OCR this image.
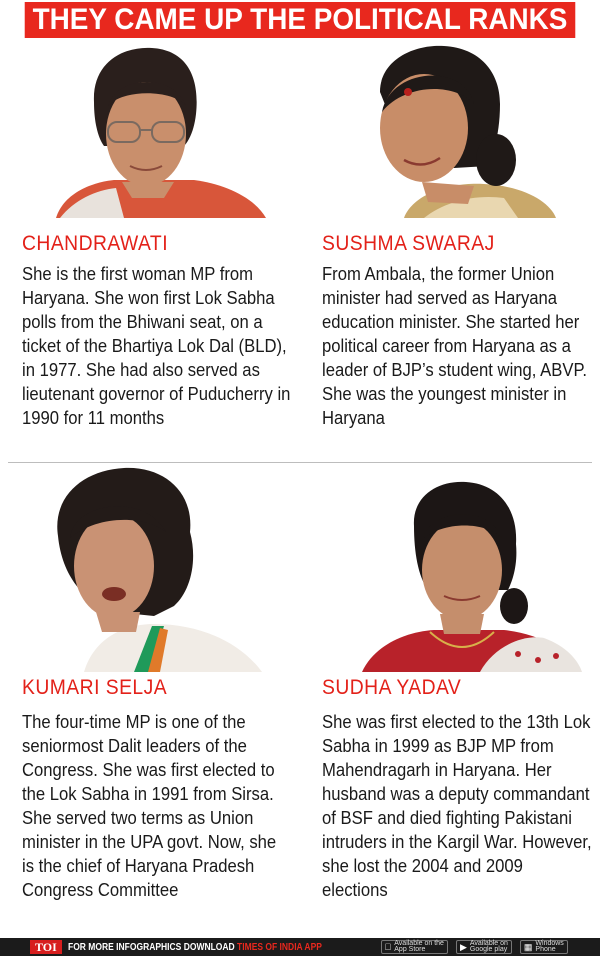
THEY CAME UP THE POLITICAL RANKS
CHANDRAWATI
She is the first woman MP from Haryana. She won first Lok Sabha polls from the Bhiwani seat, on a ticket of the Bhartiya Lok Dal (BLD), in 1977. She had also served as lieutenant governor of Puducherry in 1990 for 11 months
SUSHMA SWARAJ
From Ambala, the former Union minister had served as Haryana education minister. She started her political career from Haryana as a leader of BJP’s student wing, ABVP. She was the youngest minister in Haryana
KUMARI SELJA
The four-time MP is one of the seniormost Dalit leaders of the Congress. She was first elected to the Lok Sabha in 1991 from Sirsa. She served two terms as Union minister in the UPA govt. Now, she is the chief of Haryana Pradesh Congress Committee
SUDHA YADAV
She was first elected to the 13th Lok Sabha in 1999 as BJP MP from Mahendragarh in Haryana. Her husband was a deputy commandant of BSF and died fighting Pakistani intruders in the Kargil War. However, she lost the 2004 and 2009 elections
TOI	FOR MORE INFOGRAPHICS DOWNLOAD TIMES OF INDIA APP	Available on the
App Store	▶ Available on
Google play ▦ Windows
Phone
